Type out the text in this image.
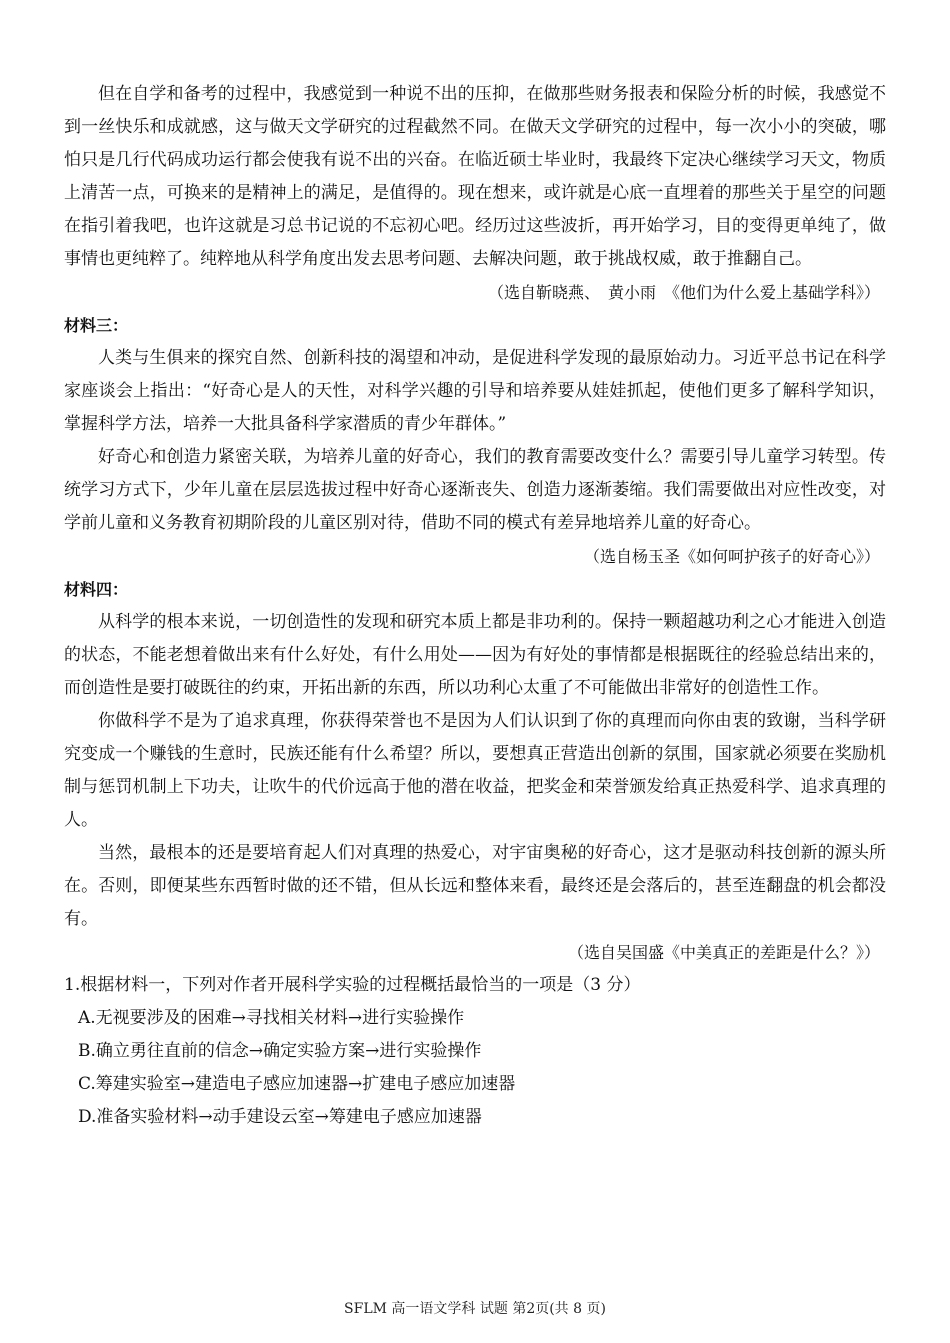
但在自学和备考的过程中，我感觉到一种说不出的压抑，在做那些财务报表和保险分析的时候，我感觉不到一丝快乐和成就感，这与做天文学研究的过程截然不同。在做天文学研究的过程中，每一次小小的突破，哪怕只是几行代码成功运行都会使我有说不出的兴奋。在临近硕士毕业时，我最终下定决心继续学习天文，物质上清苦一点，可换来的是精神上的满足，是值得的。现在想来，或许就是心底一直埋着的那些关于星空的问题在指引着我吧，也许这就是习总书记说的不忘初心吧。经历过这些波折，再开始学习，目的变得更单纯了，做事情也更纯粹了。纯粹地从科学角度出发去思考问题、去解决问题，敢于挑战权威，敢于推翻自己。

（选自靳晓燕、　黄小雨　《他们为什么爱上基础学科》）

材料三：

人类与生俱来的探究自然、创新科技的渴望和冲动，是促进科学发现的最原始动力。习近平总书记在科学家座谈会上指出：“好奇心是人的天性，对科学兴趣的引导和培养要从娃娃抓起，使他们更多了解科学知识，掌握科学方法，培养一大批具备科学家潜质的青少年群体。”

好奇心和创造力紧密关联，为培养儿童的好奇心，我们的教育需要改变什么？需要引导儿童学习转型。传统学习方式下，少年儿童在层层选拔过程中好奇心逐渐丧失、创造力逐渐萎缩。我们需要做出对应性改变，对学前儿童和义务教育初期阶段的儿童区别对待，借助不同的模式有差异地培养儿童的好奇心。

（选自杨玉圣《如何呵护孩子的好奇心》）

材料四：

从科学的根本来说，一切创造性的发现和研究本质上都是非功利的。保持一颗超越功利之心才能进入创造的状态，不能老想着做出来有什么好处，有什么用处——因为有好处的事情都是根据既往的经验总结出来的，而创造性是要打破既往的约束，开拓出新的东西，所以功利心太重了不可能做出非常好的创造性工作。

你做科学不是为了追求真理，你获得荣誉也不是因为人们认识到了你的真理而向你由衷的致谢，当科学研究变成一个赚钱的生意时，民族还能有什么希望？所以，要想真正营造出创新的氛围，国家就必须要在奖励机制与惩罚机制上下功夫，让吹牛的代价远高于他的潜在收益，把奖金和荣誉颁发给真正热爱科学、追求真理的人。

当然，最根本的还是要培育起人们对真理的热爱心，对宇宙奥秘的好奇心，这才是驱动科技创新的源头所在。否则，即便某些东西暂时做的还不错，但从长远和整体来看，最终还是会落后的，甚至连翻盘的机会都没有。

（选自吴国盛《中美真正的差距是什么？》）

1.根据材料一，下列对作者开展科学实验的过程概括最恰当的一项是（3 分）

A.无视要涉及的困难→寻找相关材料→进行实验操作

B.确立勇往直前的信念→确定实验方案→进行实验操作

C.筹建实验室→建造电子感应加速器→扩建电子感应加速器

D.准备实验材料→动手建设云室→筹建电子感应加速器

SFLM 高一语文学科 试题 第2页(共 8 页)
